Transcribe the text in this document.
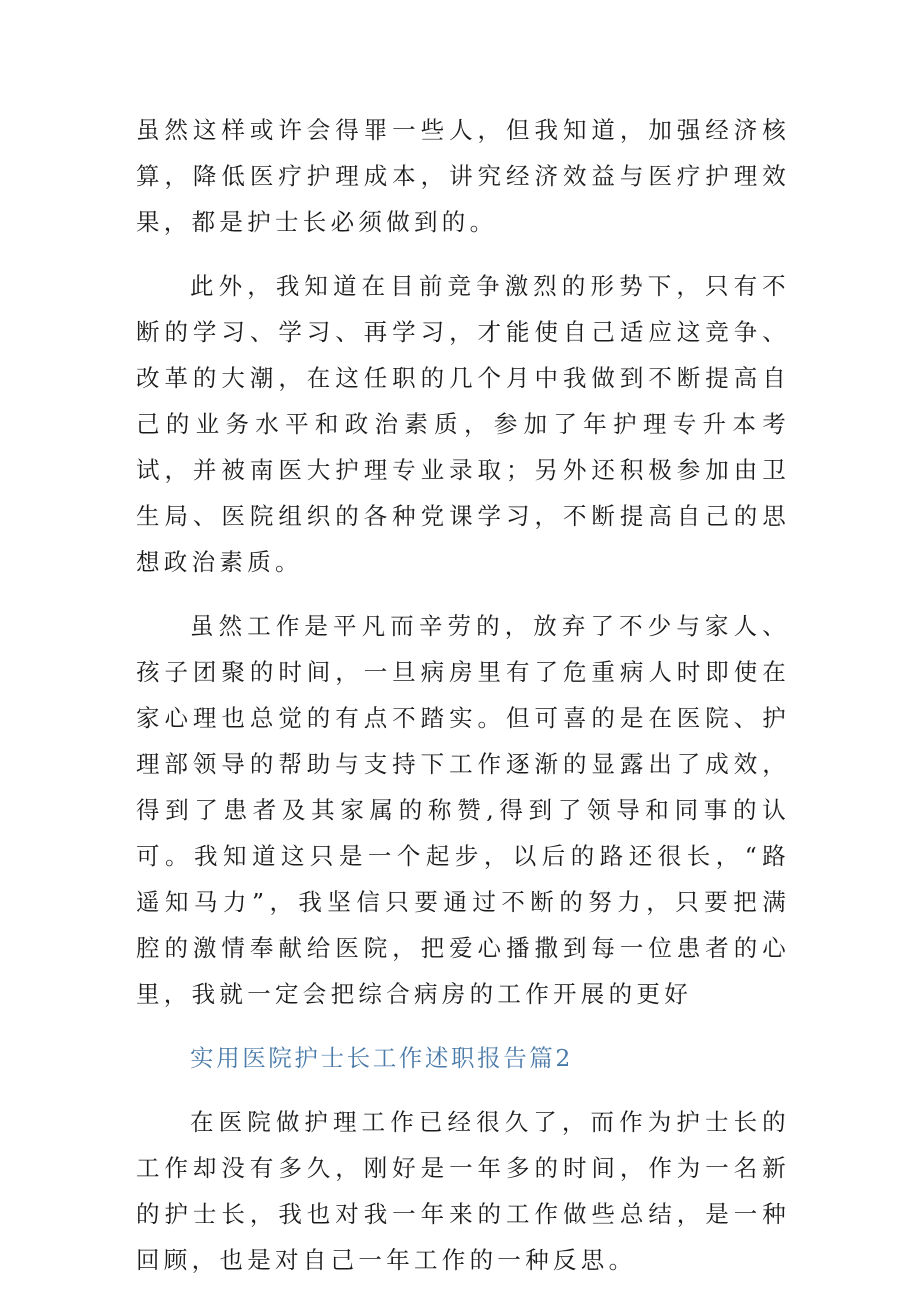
虽然这样或许会得罪一些人，但我知道，加强经济核算，降低医疗护理成本，讲究经济效益与医疗护理效果，都是护士长必须做到的。

此外，我知道在目前竞争激烈的形势下，只有不断的学习、学习、再学习，才能使自己适应这竞争、改革的大潮，在这任职的几个月中我做到不断提高自己的业务水平和政治素质，参加了年护理专升本考试，并被南医大护理专业录取；另外还积极参加由卫生局、医院组织的各种党课学习，不断提高自己的思想政治素质。

虽然工作是平凡而辛劳的，放弃了不少与家人、孩子团聚的时间，一旦病房里有了危重病人时即使在家心理也总觉的有点不踏实。但可喜的是在医院、护理部领导的帮助与支持下工作逐渐的显露出了成效，得到了患者及其家属的称赞,得到了领导和同事的认可。我知道这只是一个起步，以后的路还很长，“路遥知马力”，我坚信只要通过不断的努力，只要把满腔的激情奉献给医院，把爱心播撒到每一位患者的心里，我就一定会把综合病房的工作开展的更好

实用医院护士长工作述职报告篇2

在医院做护理工作已经很久了，而作为护士长的工作却没有多久，刚好是一年多的时间，作为一名新的护士长，我也对我一年来的工作做些总结，是一种回顾，也是对自己一年工作的一种反思。
